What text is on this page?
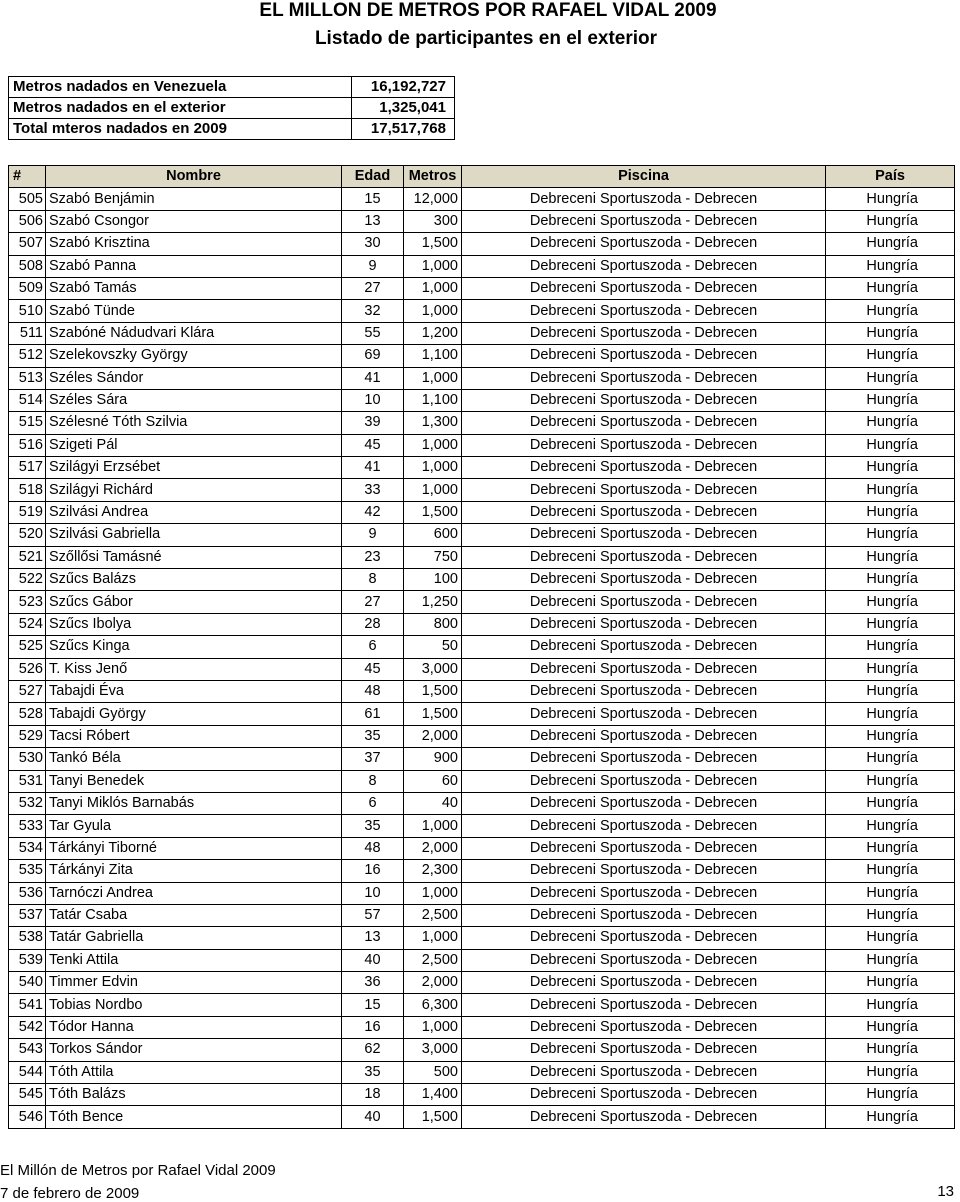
EL MILLON DE METROS POR RAFAEL VIDAL 2009
Listado de participantes en el exterior
Metros nadados en Venezuela	16,192,727
Metros nadados en el exterior	1,325,041
Total mteros nadados en 2009	17,517,768
#	Nombre	Edad	Metros	Piscina	País
505	Szabó Benjámin	15	12,000	Debreceni Sportuszoda - Debrecen	Hungría
506	Szabó Csongor	13	300	Debreceni Sportuszoda - Debrecen	Hungría
507	Szabó Krisztina	30	1,500	Debreceni Sportuszoda - Debrecen	Hungría
508	Szabó Panna	9	1,000	Debreceni Sportuszoda - Debrecen	Hungría
509	Szabó Tamás	27	1,000	Debreceni Sportuszoda - Debrecen	Hungría
510	Szabó Tünde	32	1,000	Debreceni Sportuszoda - Debrecen	Hungría
511	Szabóné Nádudvari Klára	55	1,200	Debreceni Sportuszoda - Debrecen	Hungría
512	Szelekovszky György	69	1,100	Debreceni Sportuszoda - Debrecen	Hungría
513	Széles Sándor	41	1,000	Debreceni Sportuszoda - Debrecen	Hungría
514	Széles Sára	10	1,100	Debreceni Sportuszoda - Debrecen	Hungría
515	Szélesné Tóth Szilvia	39	1,300	Debreceni Sportuszoda - Debrecen	Hungría
516	Szigeti Pál	45	1,000	Debreceni Sportuszoda - Debrecen	Hungría
517	Szilágyi Erzsébet	41	1,000	Debreceni Sportuszoda - Debrecen	Hungría
518	Szilágyi Richárd	33	1,000	Debreceni Sportuszoda - Debrecen	Hungría
519	Szilvási Andrea	42	1,500	Debreceni Sportuszoda - Debrecen	Hungría
520	Szilvási Gabriella	9	600	Debreceni Sportuszoda - Debrecen	Hungría
521	Szőllősi Tamásné	23	750	Debreceni Sportuszoda - Debrecen	Hungría
522	Szűcs Balázs	8	100	Debreceni Sportuszoda - Debrecen	Hungría
523	Szűcs Gábor	27	1,250	Debreceni Sportuszoda - Debrecen	Hungría
524	Szűcs Ibolya	28	800	Debreceni Sportuszoda - Debrecen	Hungría
525	Szűcs Kinga	6	50	Debreceni Sportuszoda - Debrecen	Hungría
526	T. Kiss Jenő	45	3,000	Debreceni Sportuszoda - Debrecen	Hungría
527	Tabajdi Éva	48	1,500	Debreceni Sportuszoda - Debrecen	Hungría
528	Tabajdi György	61	1,500	Debreceni Sportuszoda - Debrecen	Hungría
529	Tacsi Róbert	35	2,000	Debreceni Sportuszoda - Debrecen	Hungría
530	Tankó Béla	37	900	Debreceni Sportuszoda - Debrecen	Hungría
531	Tanyi Benedek	8	60	Debreceni Sportuszoda - Debrecen	Hungría
532	Tanyi Miklós Barnabás	6	40	Debreceni Sportuszoda - Debrecen	Hungría
533	Tar Gyula	35	1,000	Debreceni Sportuszoda - Debrecen	Hungría
534	Tárkányi Tiborné	48	2,000	Debreceni Sportuszoda - Debrecen	Hungría
535	Tárkányi Zita	16	2,300	Debreceni Sportuszoda - Debrecen	Hungría
536	Tarnóczi Andrea	10	1,000	Debreceni Sportuszoda - Debrecen	Hungría
537	Tatár Csaba	57	2,500	Debreceni Sportuszoda - Debrecen	Hungría
538	Tatár Gabriella	13	1,000	Debreceni Sportuszoda - Debrecen	Hungría
539	Tenki Attila	40	2,500	Debreceni Sportuszoda - Debrecen	Hungría
540	Timmer Edvin	36	2,000	Debreceni Sportuszoda - Debrecen	Hungría
541	Tobias Nordbo	15	6,300	Debreceni Sportuszoda - Debrecen	Hungría
542	Tódor Hanna	16	1,000	Debreceni Sportuszoda - Debrecen	Hungría
543	Torkos Sándor	62	3,000	Debreceni Sportuszoda - Debrecen	Hungría
544	Tóth Attila	35	500	Debreceni Sportuszoda - Debrecen	Hungría
545	Tóth Balázs	18	1,400	Debreceni Sportuszoda - Debrecen	Hungría
546	Tóth Bence	40	1,500	Debreceni Sportuszoda - Debrecen	Hungría
El Millón de Metros por Rafael Vidal 2009
7 de febrero de 2009	13
